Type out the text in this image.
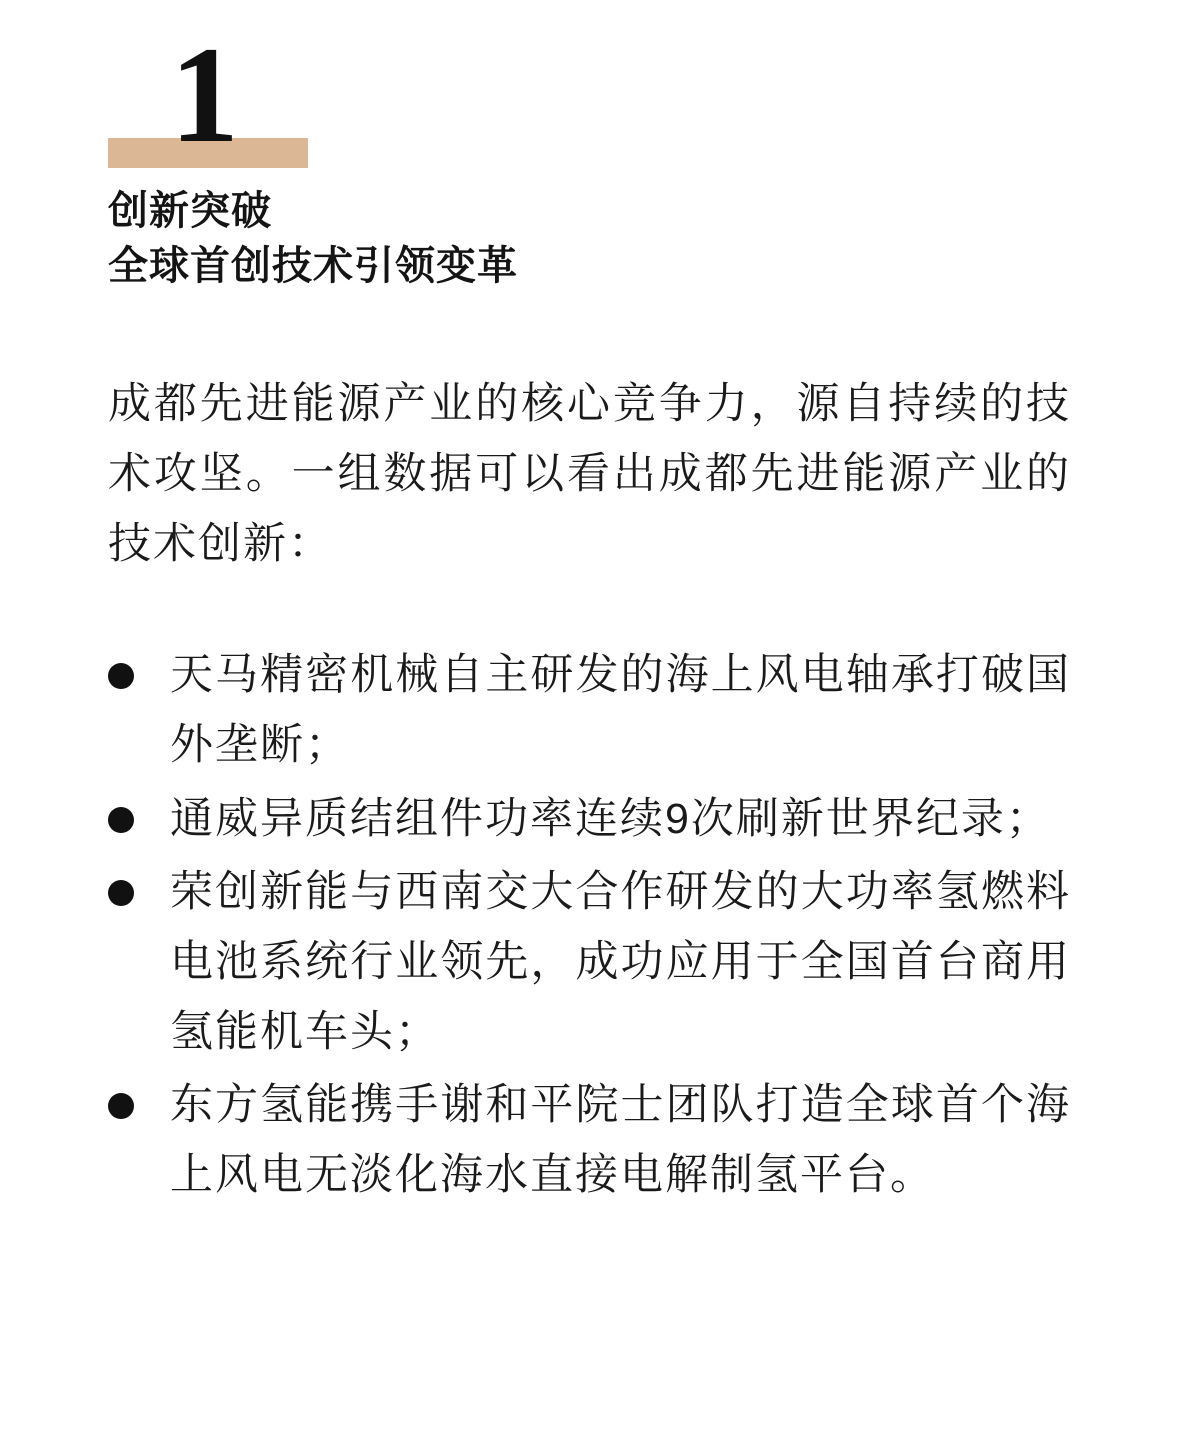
1
创新突破
全球首创技术引领变革

成都先进能源产业的核心竞争力，源自持续的技术攻坚。一组数据可以看出成都先进能源产业的技术创新：

天马精密机械自主研发的海上风电轴承打破国外垄断；
通威异质结组件功率连续9次刷新世界纪录；
荣创新能与西南交大合作研发的大功率氢燃料电池系统行业领先，成功应用于全国首台商用氢能机车头；
东方氢能携手谢和平院士团队打造全球首个海上风电无淡化海水直接电解制氢平台。
